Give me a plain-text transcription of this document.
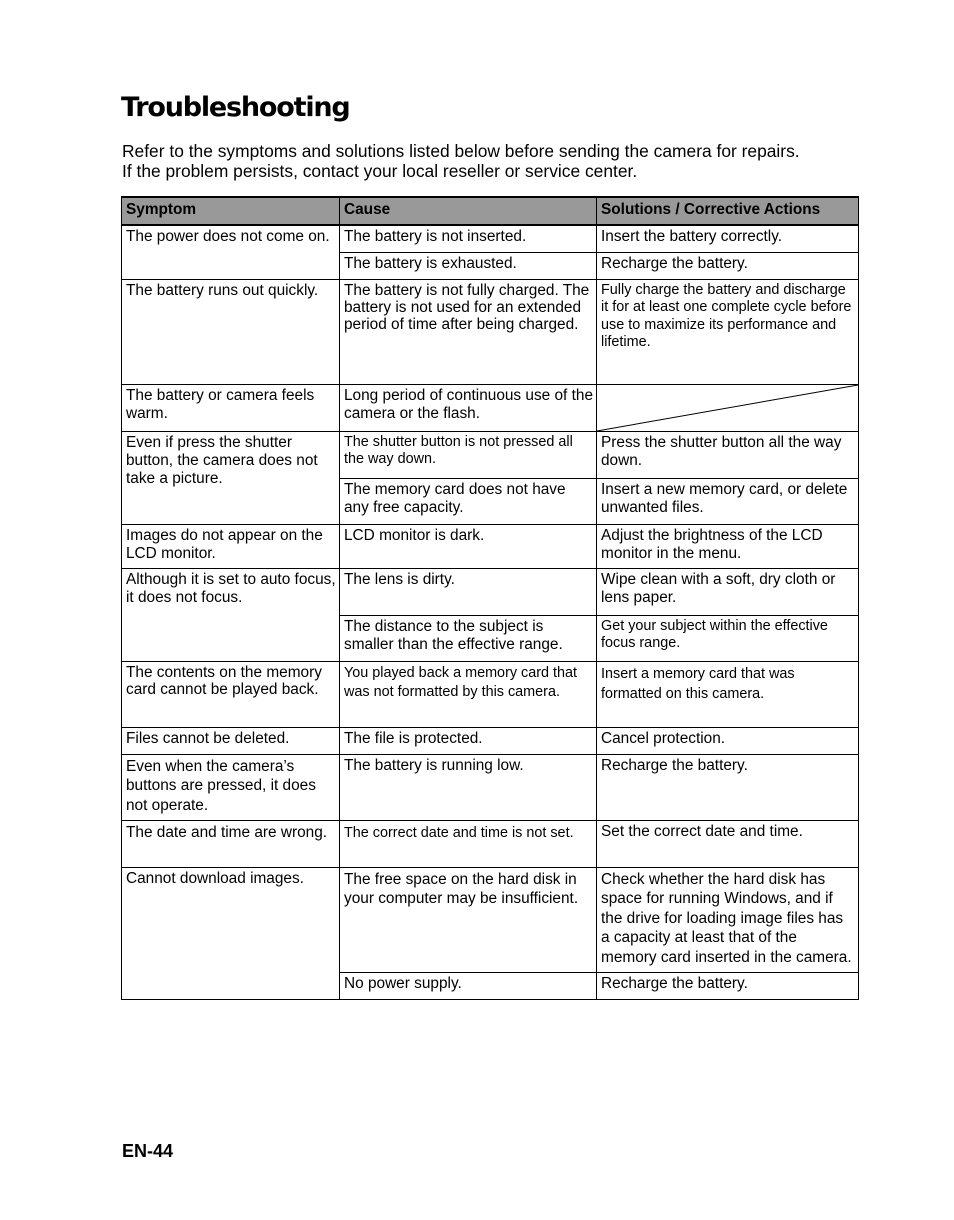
Troubleshooting

Refer to the symptoms and solutions listed below before sending the camera for repairs.

If the problem persists, contact your local reseller or service center.

Symptom	Cause	Solutions / Corrective Actions
The power does not come on.	The battery is not inserted.	Insert the battery correctly.
	The battery is exhausted.	Recharge the battery.
The battery runs out quickly.	The battery is not fully charged. The battery is not used for an extended period of time after being charged.	Fully charge the battery and discharge it for at least one complete cycle before use to maximize its performance and lifetime.
The battery or camera feels warm.	Long period of continuous use of the camera or the flash.	

Even if press the shutter button, the camera does not take a picture.	The shutter button is not pressed all the way down.	Press the shutter button all the way down.
	The memory card does not have any free capacity.	Insert a new memory card, or delete unwanted files.
Images do not appear on the LCD monitor.	LCD monitor is dark.	Adjust the brightness of the LCD monitor in the menu.
Although it is set to auto focus, it does not focus.	The lens is dirty.	Wipe clean with a soft, dry cloth or lens paper.
	The distance to the subject is smaller than the effective range.	Get your subject within the effective focus range.
The contents on the memory card cannot be played back.	You played back a memory card that was not formatted by this camera.	Insert a memory card that was formatted on this camera.
Files cannot be deleted.	The file is protected.	Cancel protection.
Even when the camera’s buttons are pressed, it does not operate.	The battery is running low.	Recharge the battery.
The date and time are wrong.	The correct date and time is not set.	Set the correct date and time.
Cannot download images.	The free space on the hard disk in your computer may be insufficient.	Check whether the hard disk has space for running Windows, and if the drive for loading image files has a capacity at least that of the memory card inserted in the camera.
	No power supply.	Recharge the battery.
EN-44
